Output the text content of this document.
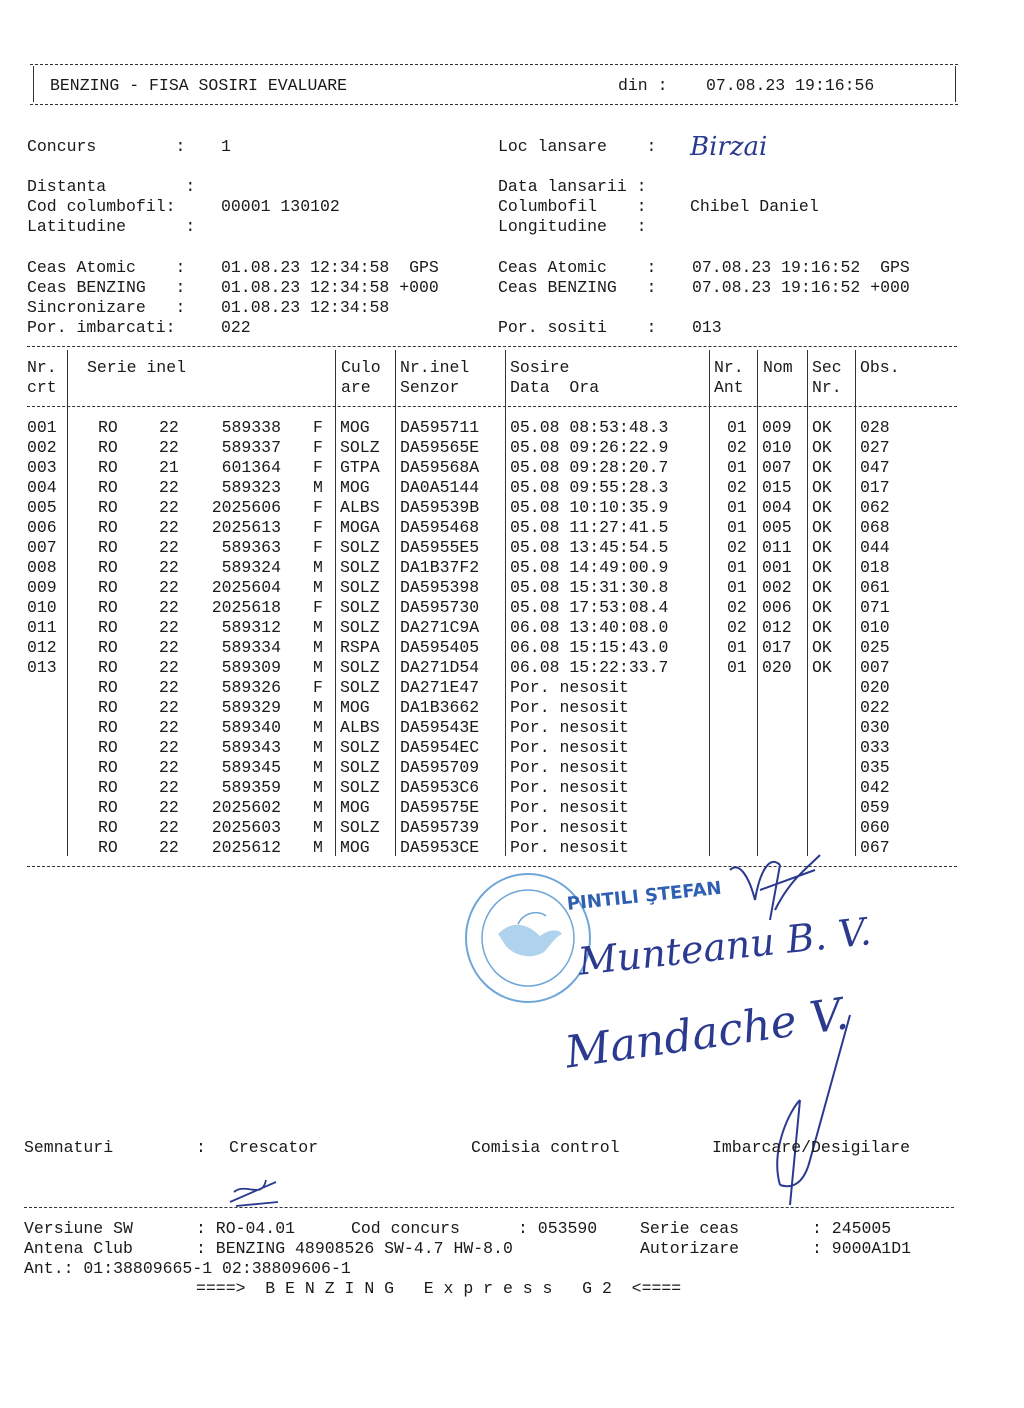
BENZING - FISA SOSIRI EVALUARE	din : 07.08.23 19:16:56
Concurs        : 1	Loc lansare    : Birzai
Distanta        :	Data lansarii :
Cod columbofil:	00001 130102	Columbofil    :	Chibel Daniel
Latitudine      :	Longitudine   :
Ceas Atomic    : 01.08.23 12:34:58  GPS
Ceas BENZING   : 01.08.23 12:34:58 +000
Sincronizare   : 01.08.23 12:34:58
Por. imbarcati:	022
Ceas Atomic    : 07.08.23 19:16:52  GPS
Ceas BENZING   : 07.08.23 19:16:52 +000
Por. sositi    : 013
Nr. Serie inel	Culo Nr.inel Sosire	Nr. Nom Sec Obs.
crt	are Senzor	Data  Ora	Ant	Nr.
001	RO	22	589338 F	MOG	DA595711	05.08 08:53:48.3	01 009	OK	028
002	RO	22	589337 F	SOLZ	DA59565E	05.08 09:26:22.9	02 010	OK	027
003	RO	21	601364 F	GTPA	DA59568A	05.08 09:28:20.7	01 007	OK	047
004	RO	22	589323 M	MOG	DA0A5144	05.08 09:55:28.3	02 015	OK	017
005	RO	22	2025606 F	ALBS	DA59539B	05.08 10:10:35.9	01 004	OK	062
006	RO	22	2025613 F	MOGA	DA595468	05.08 11:27:41.5	01 005	OK	068
007	RO	22	589363 F	SOLZ	DA5955E5	05.08 13:45:54.5	02 011	OK	044
008	RO	22	589324 M	SOLZ	DA1B37F2	05.08 14:49:00.9	01 001	OK	018
009	RO	22	2025604 M	SOLZ	DA595398	05.08 15:31:30.8	01 002	OK	061
010	RO	22	2025618 F	SOLZ	DA595730	05.08 17:53:08.4	02 006	OK	071
011	RO	22	589312 M	SOLZ	DA271C9A	06.08 13:40:08.0	02 012	OK	010
012	RO	22	589334 M	RSPA	DA595405	06.08 15:15:43.0	01 017	OK	025
013	RO	22	589309 M	SOLZ	DA271D54	06.08 15:22:33.7	01 020	OK	007
RO	22	589326 F	SOLZ	DA271E47	Por. nesosit	020
RO	22	589329 M	MOG	DA1B3662	Por. nesosit	022
RO	22	589340 M	ALBS	DA59543E	Por. nesosit	030
RO	22	589343 M	SOLZ	DA5954EC	Por. nesosit	033
RO	22	589345 M	SOLZ	DA595709	Por. nesosit	035
RO	22	589359 M	SOLZ	DA5953C6	Por. nesosit	042
RO	22	2025602 M	MOG	DA59575E	Por. nesosit	059
RO	22	2025603 M	SOLZ	DA595739	Por. nesosit	060
RO	22	2025612 M	MOG	DA5953CE	Por. nesosit	067
PINTILI ŞTEFAN
Munteanu B. V.
Mandache V.
Semnaturi	: Crescator	Comisia control	Imbarcare/Desigilare
Versiune SW	: RO-04.01	Cod concurs	: 053590	Serie ceas	: 245005
Antena Club	: BENZING 48908526 SW-4.7 HW-8.0	Autorizare	: 9000A1D1
Ant.: 01:38809665-1 02:38809606-1
====>  B E N Z I N G   E x p r e s s   G 2  <====
